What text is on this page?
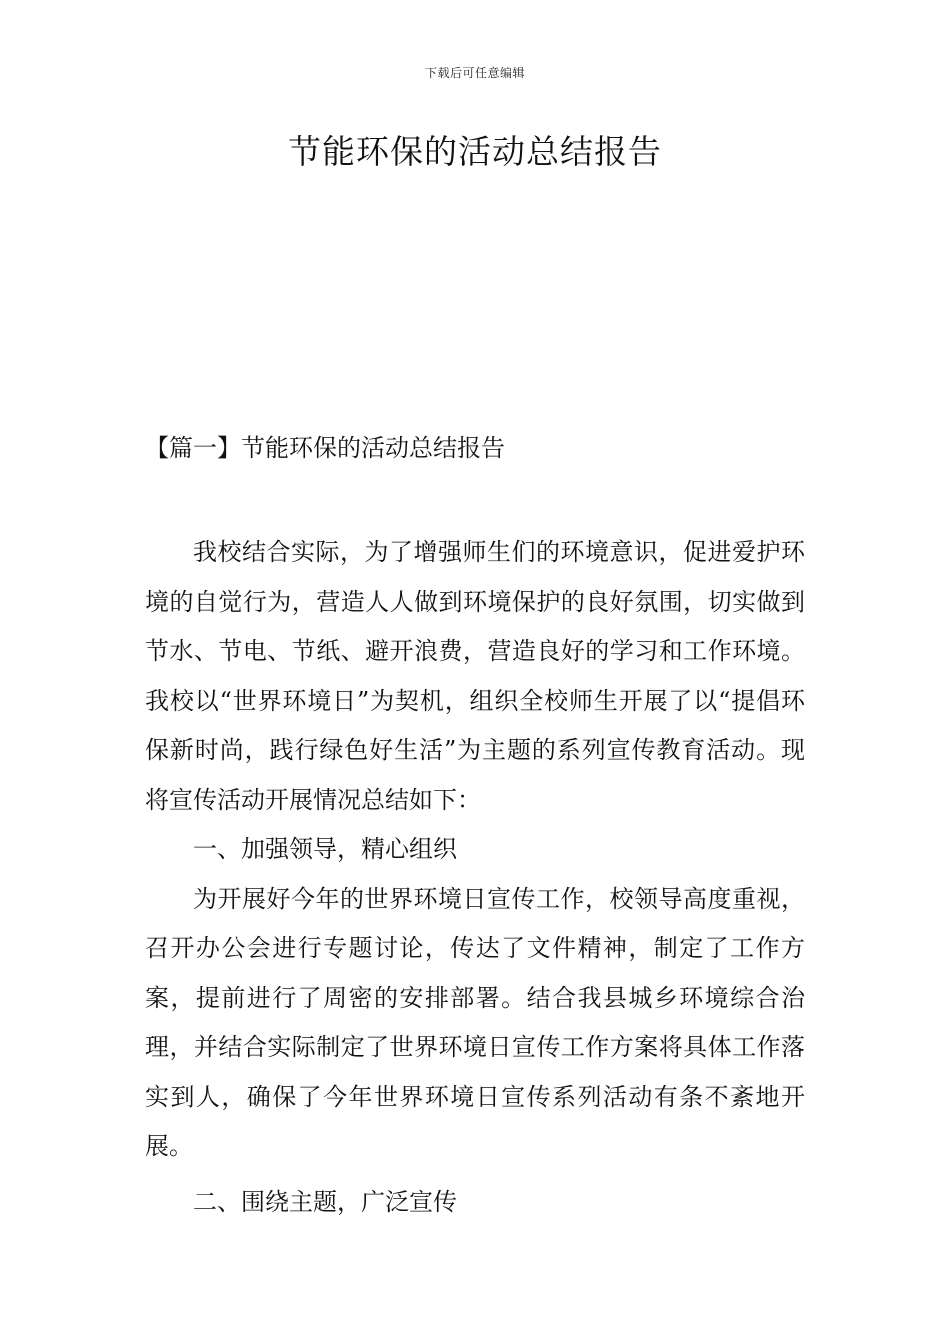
下载后可任意编辑
节能环保的活动总结报告
【篇一】节能环保的活动总结报告

我校结合实际，为了增强师生们的环境意识，促进爱护环境的自觉行为，营造人人做到环境保护的良好氛围，切实做到节水、节电、节纸、避开浪费，营造良好的学习和工作环境。我校以“世界环境日”为契机，组织全校师生开展了以“提倡环保新时尚，践行绿色好生活”为主题的系列宣传教育活动。现将宣传活动开展情况总结如下：

一、加强领导，精心组织

为开展好今年的世界环境日宣传工作，校领导高度重视，召开办公会进行专题讨论，传达了文件精神，制定了工作方案，提前进行了周密的安排部署。结合我县城乡环境综合治理，并结合实际制定了世界环境日宣传工作方案将具体工作落实到人，确保了今年世界环境日宣传系列活动有条不紊地开展。

二、围绕主题，广泛宣传
